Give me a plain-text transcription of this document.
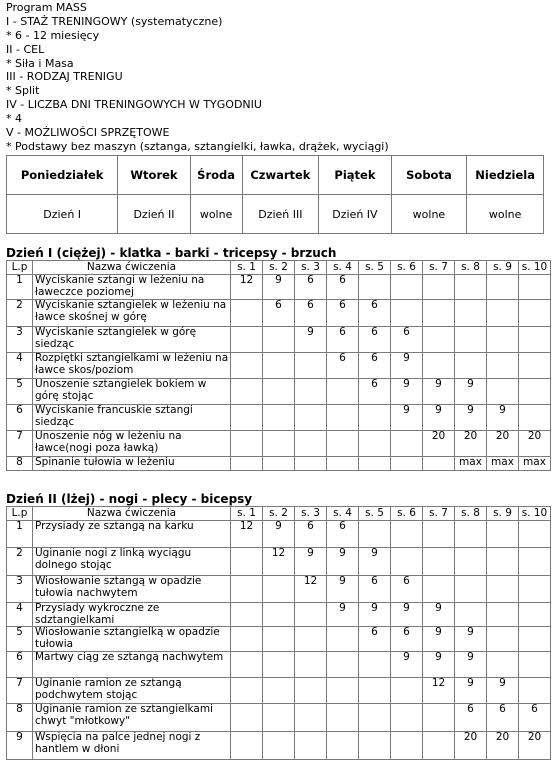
Program MASS
I - STAŻ TRENINGOWY (systematyczne)
* 6 - 12 miesięcy
II - CEL
* Siła i Masa
III - RODZAJ TRENIGU
* Split
IV - LICZBA DNI TRENINGOWYCH W TYGODNIU
* 4
V - MOŻLIWOŚCI SPRZĘTOWE
* Podstawy bez maszyn (sztanga, sztangielki, ławka, drążek, wyciągi)
Poniedziałek	Wtorek	Środa	Czwartek	Piątek	Sobota	Niedziela
Dzień I	Dzień II	wolne	Dzień III	Dzień IV	wolne	wolne
Dzień I (ciężej) - klatka - barki - tricepsy - brzuch
L.p	Nazwa ćwiczenia	s. 1	s. 2	s. 3	s. 4	s. 5	s. 6	s. 7	s. 8	s. 9	s. 10
1	Wyciskanie sztangi w leżeniu na ławeczce poziomej	12	9	6	6						
2	Wyciskanie sztangielek w leżeniu na ławce skośnej w górę		6	6	6	6					
3	Wyciskanie sztangielek w górę siedząc			9	6	6	6				
4	Rozpiętki sztangielkami w leżeniu na ławce skos/poziom				6	6	9				
5	Unoszenie sztangielek bokiem w górę stojąc					6	9	9	9		
6	Wyciskanie francuskie sztangi siedząc						9	9	9	9	
7	Unoszenie nóg w leżeniu na ławce(nogi poza ławką)							20	20	20	20
8	Spinanie tułowia w leżeniu								max	max	max
Dzień II (lżej) - nogi - plecy - bicepsy
L.p	Nazwa ćwiczenia	s. 1	s. 2	s. 3	s. 4	s. 5	s. 6	s. 7	s. 8	s. 9	s. 10
1	Przysiady ze sztangą na karku	12	9	6	6						
2	Uginanie nogi z linką wyciągu dolnego stojąc		12	9	9	9					
3	Wiosłowanie sztangą w opadzie tułowia nachwytem			12	9	6	6				
4	Przysiady wykroczne ze sdztangielkami				9	9	9	9			
5	Wiosłowanie sztangielką w opadzie tułowia					6	6	9	9		
6	Martwy ciąg ze sztangą nachwytem						9	9	9		
7	Uginanie ramion ze sztangą podchwytem stojąc							12	9	9	
8	Uginanie ramion ze sztangielkami chwyt "młotkowy"								6	6	6
9	Wspięcia na palce jednej nogi z hantlem w dłoni								20	20	20
